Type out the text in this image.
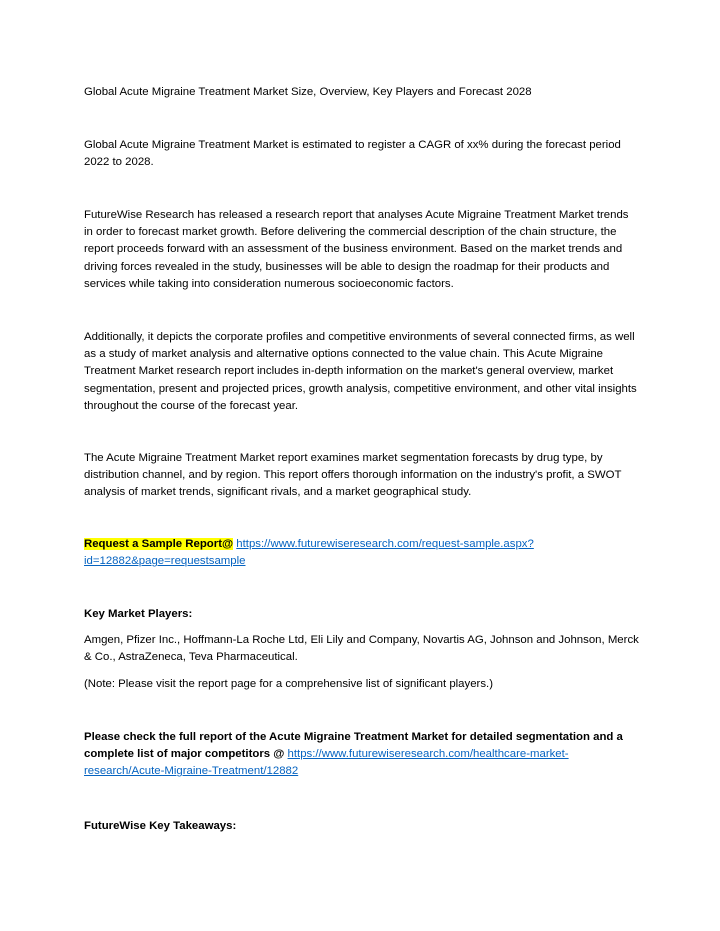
Global Acute Migraine Treatment Market Size, Overview, Key Players and Forecast 2028

Global Acute Migraine Treatment Market is estimated to register a CAGR of xx% during the forecast period 2022 to 2028.

FutureWise Research has released a research report that analyses Acute Migraine Treatment Market trends in order to forecast market growth. Before delivering the commercial description of the chain structure, the report proceeds forward with an assessment of the business environment. Based on the market trends and driving forces revealed in the study, businesses will be able to design the roadmap for their products and services while taking into consideration numerous socioeconomic factors.

Additionally, it depicts the corporate profiles and competitive environments of several connected firms, as well as a study of market analysis and alternative options connected to the value chain. This Acute Migraine Treatment Market research report includes in-depth information on the market's general overview, market segmentation, present and projected prices, growth analysis, competitive environment, and other vital insights throughout the course of the forecast year.

The Acute Migraine Treatment Market report examines market segmentation forecasts by drug type, by distribution channel, and by region. This report offers thorough information on the industry's profit, a SWOT analysis of market trends, significant rivals, and a market geographical study.

Request a Sample Report@ https://www.futurewiseresearch.com/request-sample.aspx?id=12882&page=requestsample

Key Market Players:

Amgen, Pfizer Inc., Hoffmann-La Roche Ltd, Eli Lily and Company, Novartis AG, Johnson and Johnson, Merck & Co., AstraZeneca, Teva Pharmaceutical.

(Note: Please visit the report page for a comprehensive list of significant players.)

Please check the full report of the Acute Migraine Treatment Market for detailed segmentation and a complete list of major competitors @ https://www.futurewiseresearch.com/healthcare-market-research/Acute-Migraine-Treatment/12882

FutureWise Key Takeaways:
